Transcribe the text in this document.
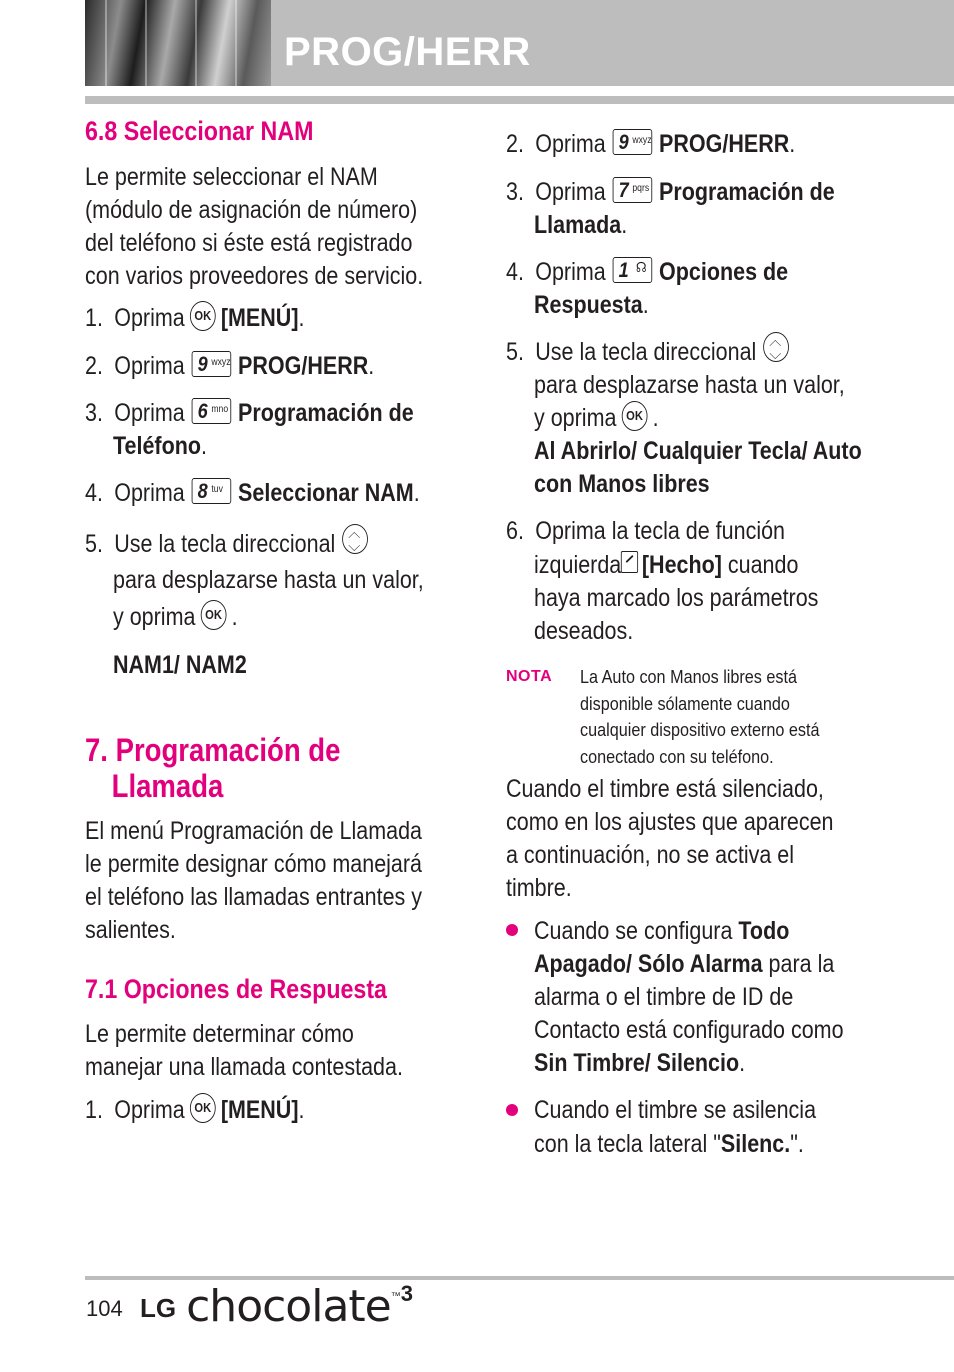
PROG/HERR
6.8 Seleccionar NAM
Le permite seleccionar el NAM
(módulo de asignación de número)
del teléfono si éste está registrado
con varios proveedores de servicio.
1. Oprima OK [MENÚ].
2. Oprima 9 wxyz PROG/HERR.
3. Oprima 6 mno Programación de
Teléfono.
4. Oprima 8 tuv Seleccionar NAM.
5. Use la tecla direccional︿ ﹀
para desplazarse hasta un valor,
y oprima OK .
NAM1/ NAM2
7. Programación de
Llamada
El menú Programación de Llamada
le permite designar cómo manejará
el teléfono las llamadas entrantes y
salientes.
7.1 Opciones de Respuesta
Le permite determinar cómo
manejar una llamada contestada.
1. Oprima OK [MENÚ].
2. Oprima 9 wxyz PROG/HERR.
3. Oprima 7 pqrs Programación de
Llamada.
4. Oprima 1 ☊ Opciones de
Respuesta.
5. Use la tecla direccional︿ ﹀
para desplazarse hasta un valor,
y oprima OK .
Al Abrirlo/ Cualquier Tecla/ Auto
con Manos libres
6. Oprima la tecla de función
izquierda [Hecho] cuando
haya marcado los parámetros
deseados.
NOTA La Auto con Manos libres está
disponible sólamente cuando
cualquier dispositivo externo está
conectado con su teléfono.
Cuando el timbre está silenciado,
como en los ajustes que aparecen
a continuación, no se activa el
timbre.
Cuando se configura Todo
Apagado/ Sólo Alarma para la
alarma o el timbre de ID de
Contacto está configurado como
Sin Timbre/ Silencio.
Cuando el timbre se asilencia
con la tecla lateral "Silenc.".
104 LG chocolate$^{™3}$
